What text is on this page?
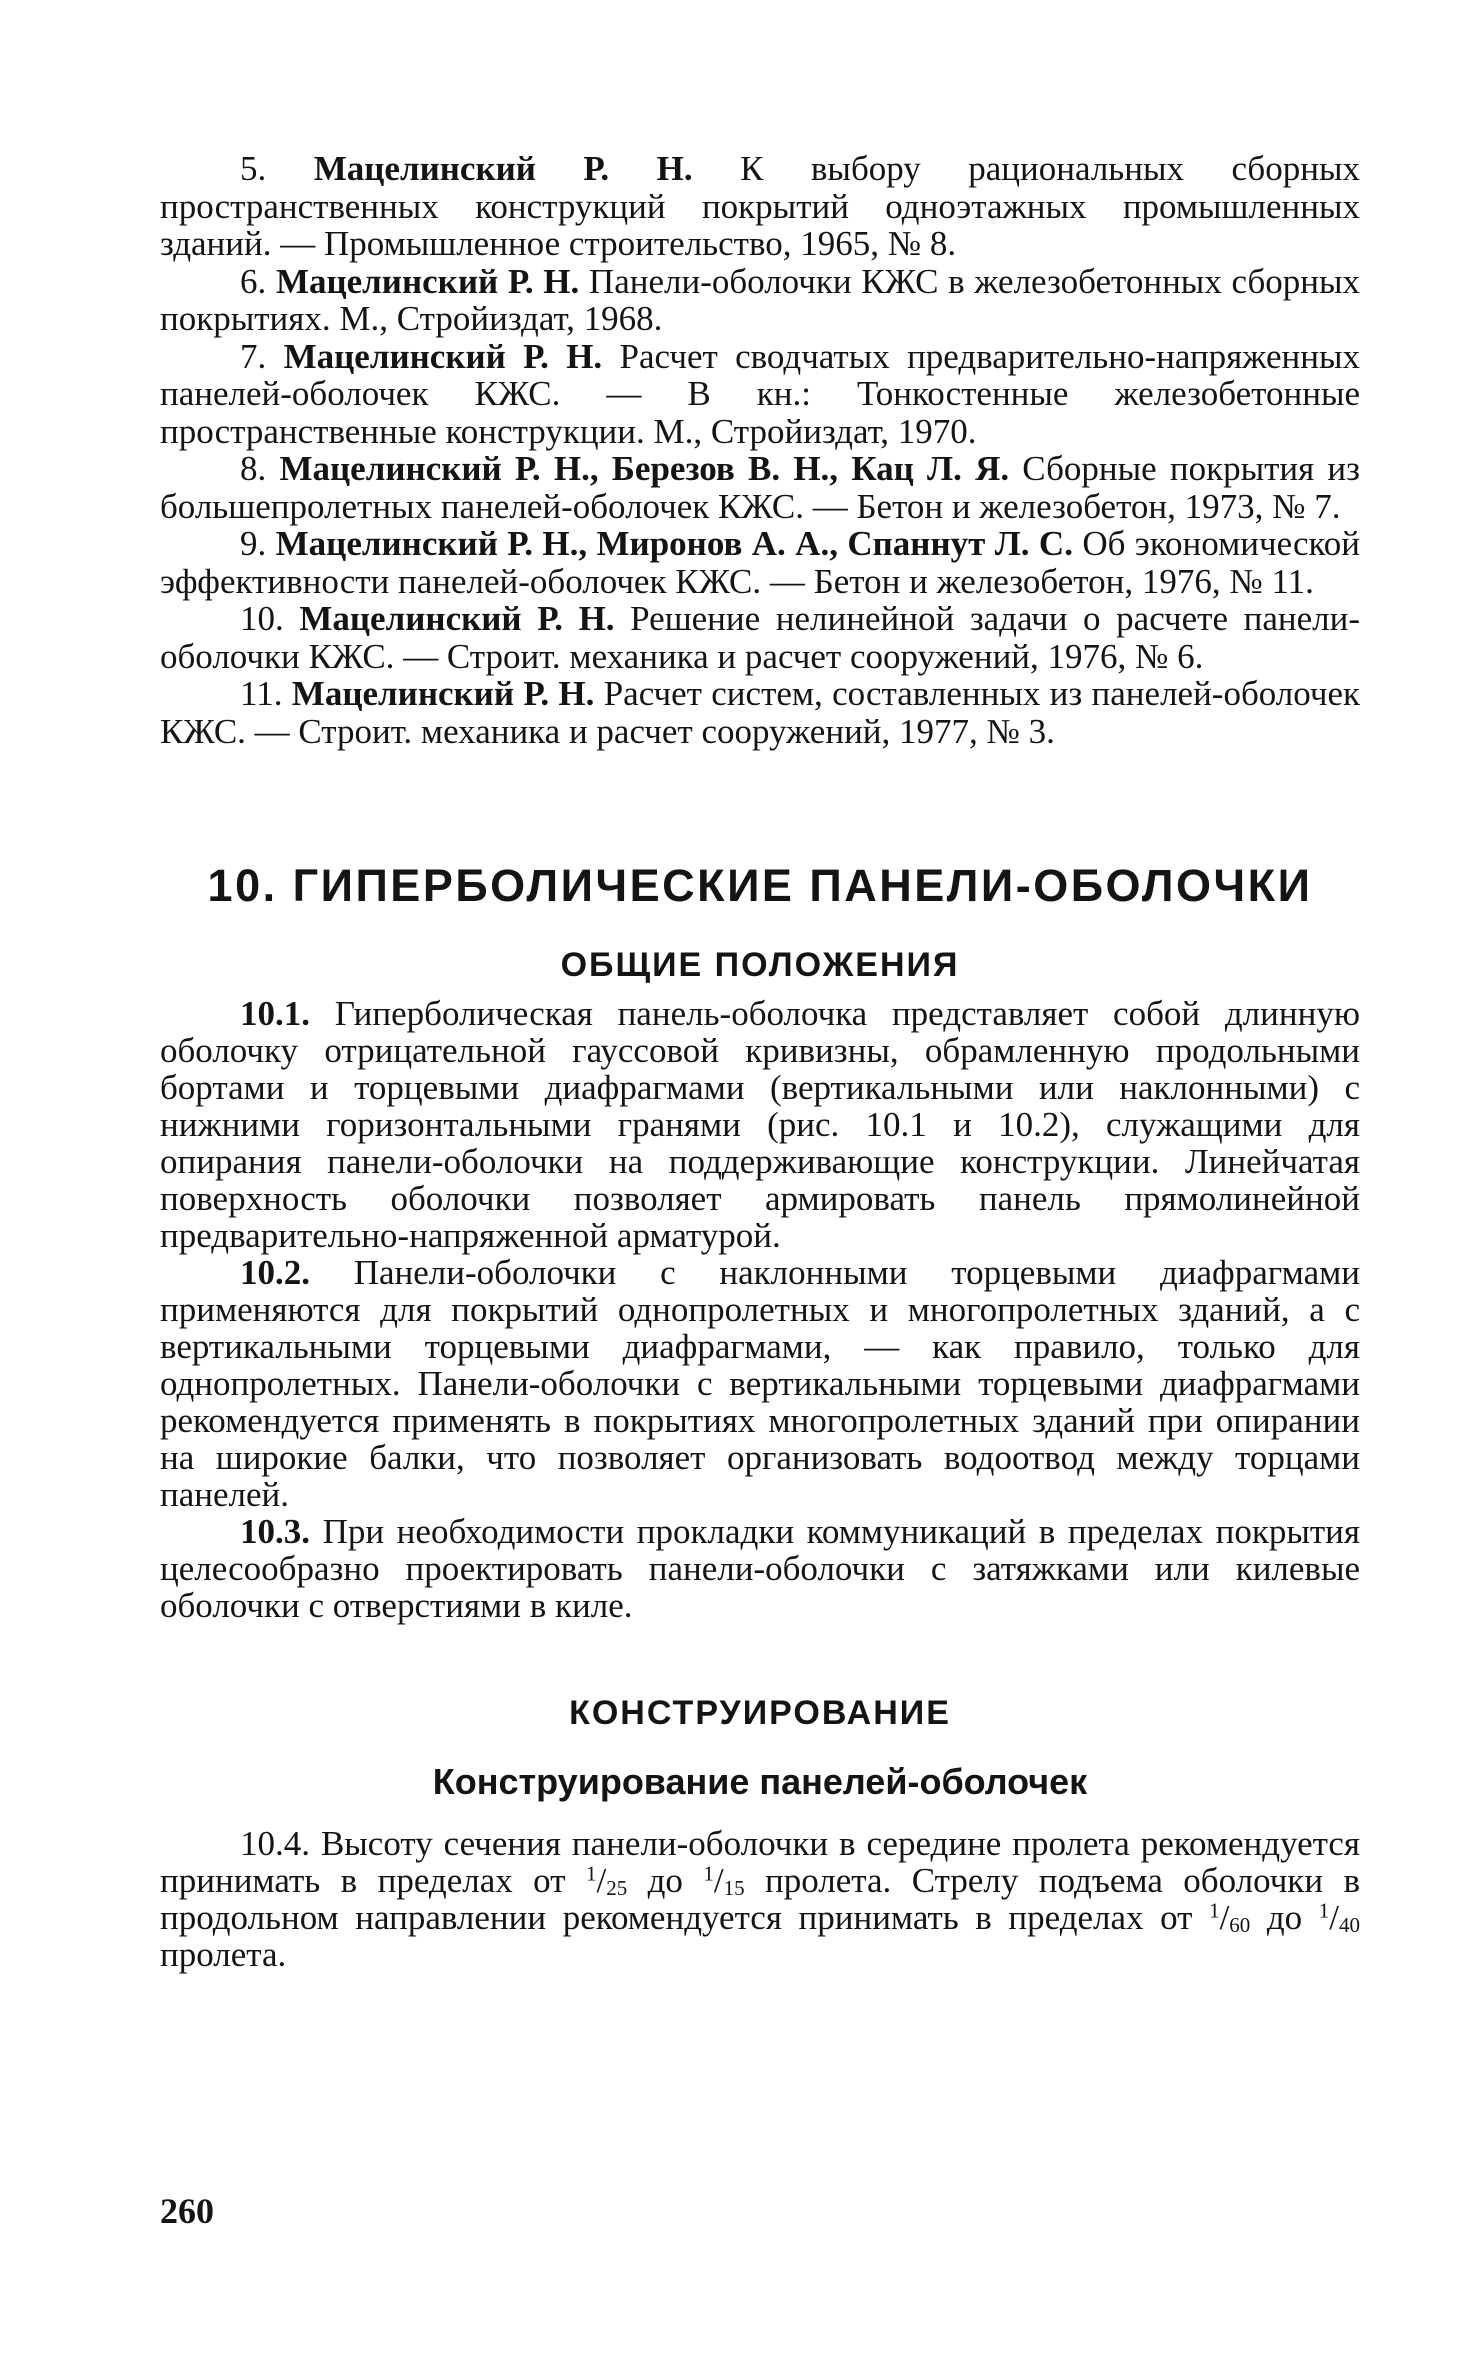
5. Мацелинский Р. Н. К выбору рациональных сборных пространственных конструкций покрытий одноэтажных промышленных зданий. — Промышленное строительство, 1965, № 8.

6. Мацелинский Р. Н. Панели-оболочки КЖС в железобетонных сборных покрытиях. М., Стройиздат, 1968.

7. Мацелинский Р. Н. Расчет сводчатых предварительно-напряженных панелей-оболочек КЖС. — В кн.: Тонкостенные железобетонные пространственные конструкции. М., Стройиздат, 1970.

8. Мацелинский Р. Н., Березов В. Н., Кац Л. Я. Сборные покрытия из большепролетных панелей-оболочек КЖС. — Бетон и железобетон, 1973, № 7.

9. Мацелинский Р. Н., Миронов А. А., Спаннут Л. С. Об экономической эффективности панелей-оболочек КЖС. — Бетон и железобетон, 1976, № 11.

10. Мацелинский Р. Н. Решение нелинейной задачи о расчете панели-оболочки КЖС. — Строит. механика и расчет сооружений, 1976, № 6.

11. Мацелинский Р. Н. Расчет систем, составленных из панелей-оболочек КЖС. — Строит. механика и расчет сооружений, 1977, № 3.

10. ГИПЕРБОЛИЧЕСКИЕ ПАНЕЛИ-ОБОЛОЧКИ
ОБЩИЕ ПОЛОЖЕНИЯ

10.1. Гиперболическая панель-оболочка представляет собой длинную оболочку отрицательной гауссовой кривизны, обрамленную продольными бортами и торцевыми диафрагмами (вертикальными или наклонными) с нижними горизонтальными гранями (рис. 10.1 и 10.2), служащими для опирания панели-оболочки на поддерживающие конструкции. Линейчатая поверхность оболочки позволяет армировать панель прямолинейной предварительно-напряженной арматурой.

10.2. Панели-оболочки с наклонными торцевыми диафрагмами применяются для покрытий однопролетных и многопролетных зданий, а с вертикальными торцевыми диафрагмами, — как правило, только для однопролетных. Панели-оболочки с вертикальными торцевыми диафрагмами рекомендуется применять в покрытиях многопролетных зданий при опирании на широкие балки, что позволяет организовать водоотвод между торцами панелей.

10.3. При необходимости прокладки коммуникаций в пределах покрытия целесообразно проектировать панели-оболочки с затяжками или килевые оболочки с отверстиями в киле.

КОНСТРУИРОВАНИЕ
Конструирование панелей-оболочек

10.4. Высоту сечения панели-оболочки в середине пролета рекомендуется принимать в пределах от $^1/_{25}$ до $^1/_{15}$ пролета. Стрелу подъема оболочки в продольном направлении рекомендуется принимать в пределах от $^1/_{60}$ до $^1/_{40}$ пролета.

260
